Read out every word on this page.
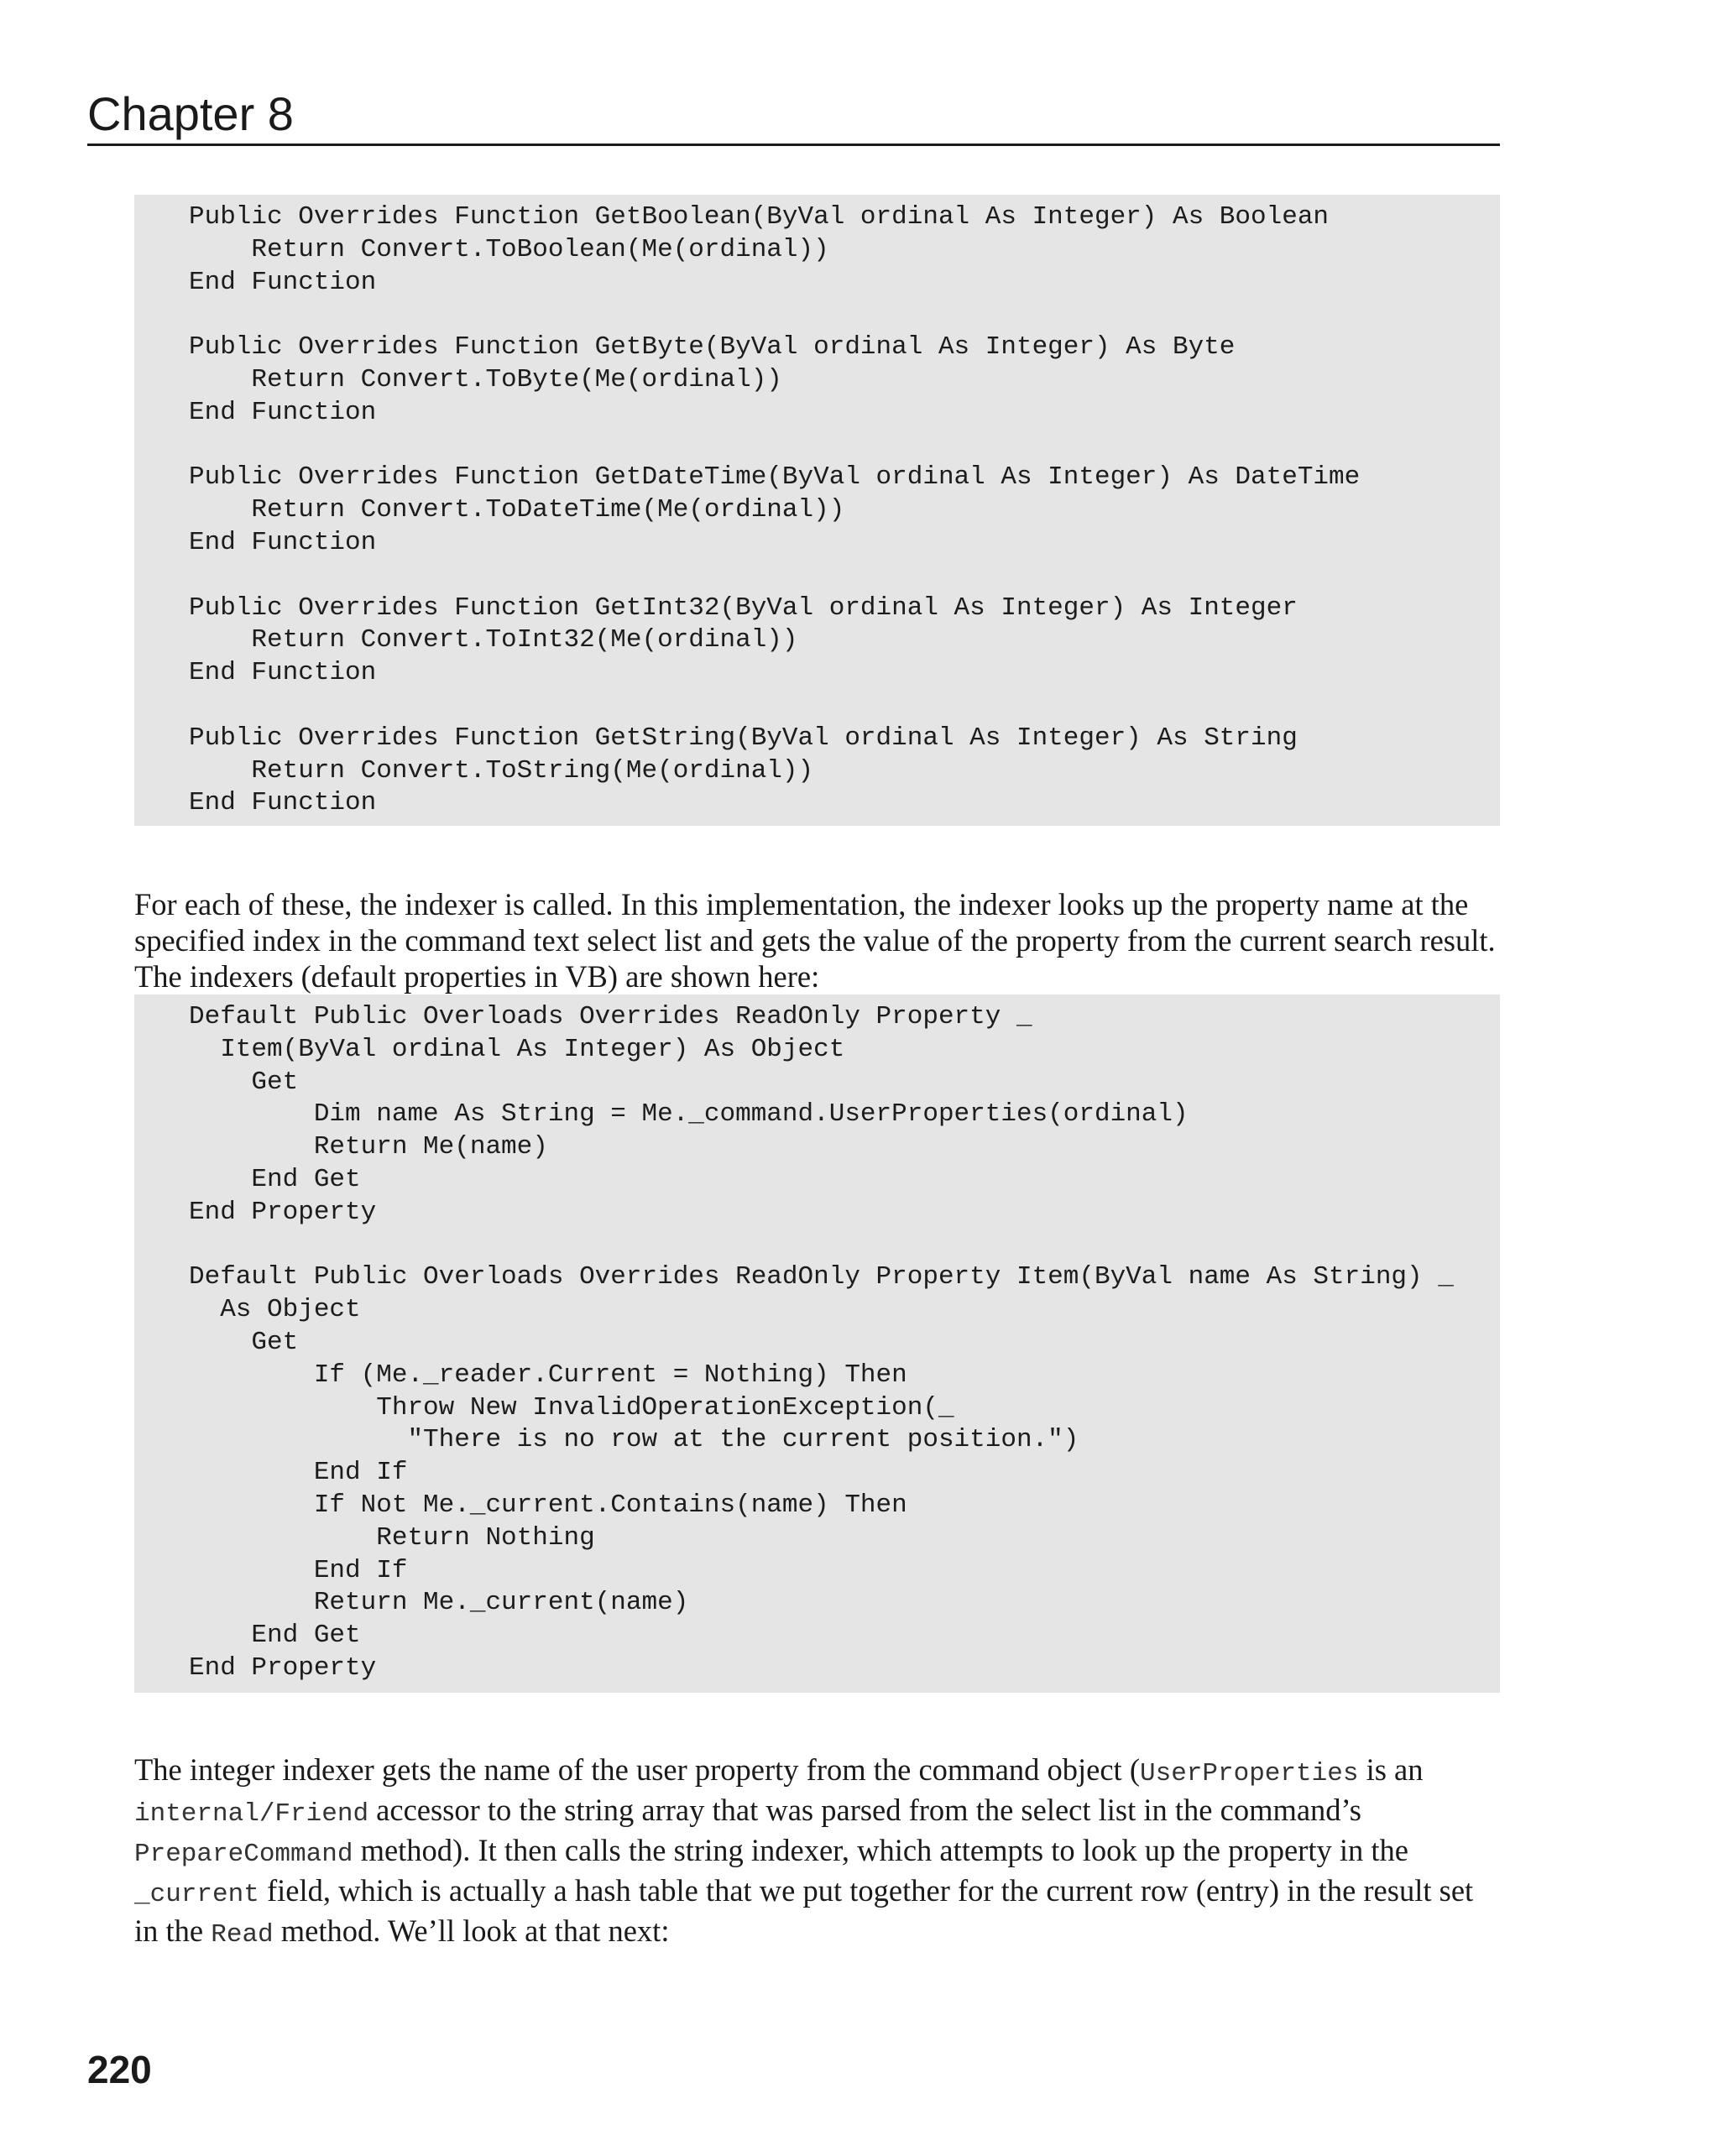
Chapter 8
Public Overrides Function GetBoolean(ByVal ordinal As Integer) As Boolean
Return Convert.ToBoolean(Me(ordinal))
End Function
Public Overrides Function GetByte(ByVal ordinal As Integer) As Byte
Return Convert.ToByte(Me(ordinal))
End Function
Public Overrides Function GetDateTime(ByVal ordinal As Integer) As DateTime
Return Convert.ToDateTime(Me(ordinal))
End Function
Public Overrides Function GetInt32(ByVal ordinal As Integer) As Integer
Return Convert.ToInt32(Me(ordinal))
End Function
Public Overrides Function GetString(ByVal ordinal As Integer) As String
Return Convert.ToString(Me(ordinal))
End Function

For each of these, the indexer is called. In this implementation, the indexer looks up the property name at the specified index in the command text select list and gets the value of the property from the current search result. The indexers (default properties in VB) are shown here:

Default Public Overloads Overrides ReadOnly Property _
Item(ByVal ordinal As Integer) As Object
Get
Dim name As String = Me._command.UserProperties(ordinal)
Return Me(name)
End Get
End Property
Default Public Overloads Overrides ReadOnly Property Item(ByVal name As String) _
As Object
Get
If (Me._reader.Current = Nothing) Then
Throw New InvalidOperationException(_
"There is no row at the current position.")
End If
If Not Me._current.Contains(name) Then
Return Nothing
End If
Return Me._current(name)
End Get
End Property

The integer indexer gets the name of the user property from the command object (UserProperties is an internal/Friend accessor to the string array that was parsed from the select list in the command’s PrepareCommand method). It then calls the string indexer, which attempts to look up the property in the _current field, which is actually a hash table that we put together for the current row (entry) in the result set in the Read method. We’ll look at that next:

220
